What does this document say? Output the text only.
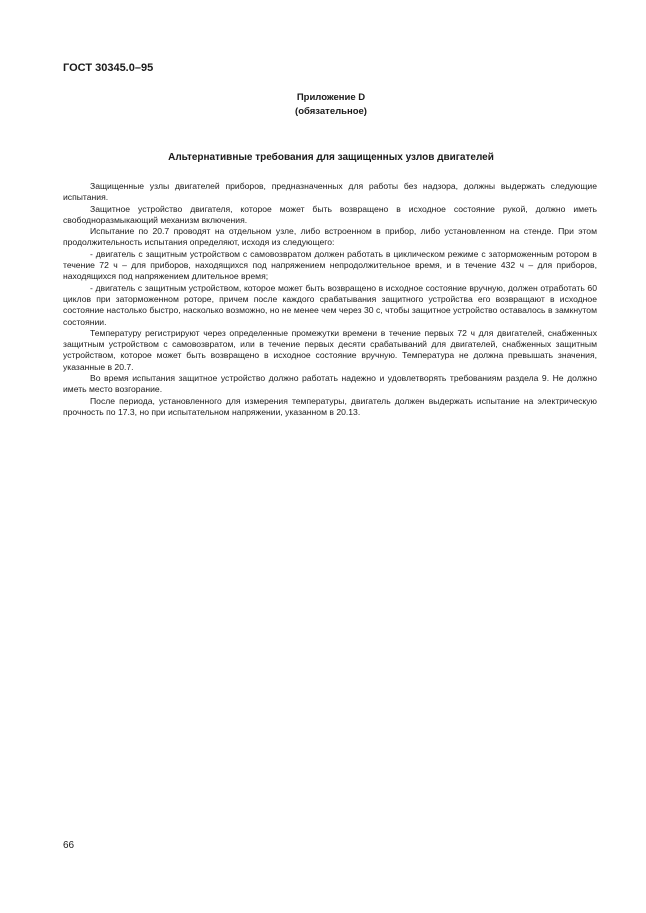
ГОСТ 30345.0–95
Приложение D
(обязательное)
Альтернативные требования для защищенных узлов двигателей

Защищенные узлы двигателей приборов, предназначенных для работы без надзора, должны выдержать следующие испытания.

Защитное устройство двигателя, которое может быть возвращено в исходное состояние рукой, должно иметь свободноразмыкающий механизм включения.

Испытание по 20.7 проводят на отдельном узле, либо встроенном в прибор, либо установленном на стенде. При этом продолжительность испытания определяют, исходя из следующего:

- двигатель с защитным устройством с самовозвратом должен работать в циклическом режиме с заторможенным ротором в течение 72 ч – для приборов, находящихся под напряжением непродолжительное время, и в течение 432 ч – для приборов, находящихся под напряжением длительное время;

- двигатель с защитным устройством, которое может быть возвращено в исходное состояние вручную, должен отработать 60 циклов при заторможенном роторе, причем после каждого срабатывания защитного устройства его возвращают в исходное состояние настолько быстро, насколько возможно, но не менее чем через 30 с, чтобы защитное устройство оставалось в замкнутом состоянии.

Температуру регистрируют через определенные промежутки времени в течение первых 72 ч для двигателей, снабженных защитным устройством с самовозвратом, или в течение первых десяти срабатываний для двигателей, снабженных защитным устройством, которое может быть возвращено в исходное состояние вручную. Температура не должна превышать значения, указанные в 20.7.

Во время испытания защитное устройство должно работать надежно и удовлетворять требованиям раздела 9. Не должно иметь место возгорание.

После периода, установленного для измерения температуры, двигатель должен выдержать испытание на электрическую прочность по 17.3, но при испытательном напряжении, указанном в 20.13.

66
